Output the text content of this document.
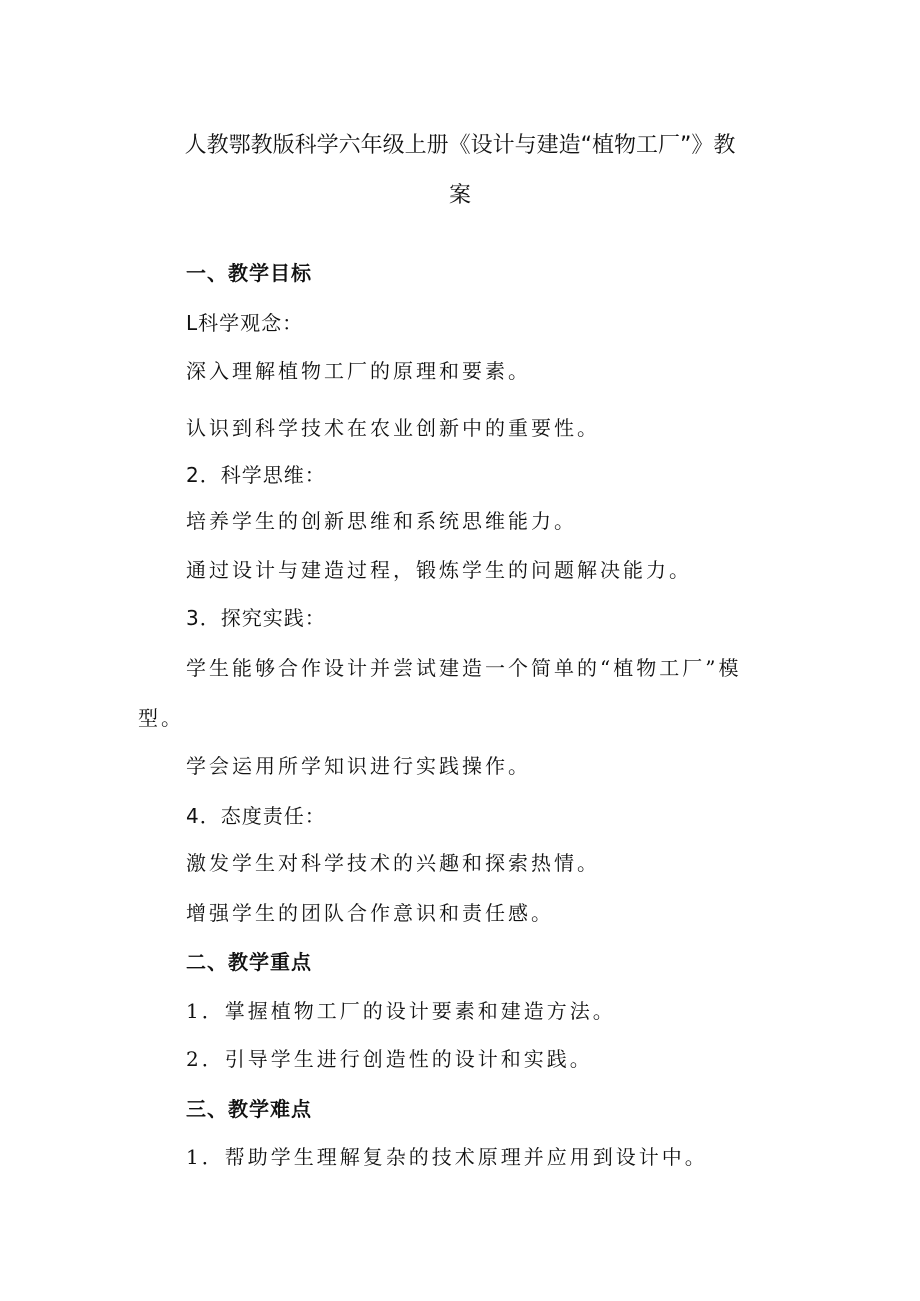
人教鄂教版科学六年级上册《设计与建造“植物工厂”》教
案
一、教学目标
L科学观念：
深入理解植物工厂的原理和要素。
认识到科学技术在农业创新中的重要性。
2．科学思维：
培养学生的创新思维和系统思维能力。
通过设计与建造过程，锻炼学生的问题解决能力。
3．探究实践：
学生能够合作设计并尝试建造一个简单的“植物工厂”模
型。
学会运用所学知识进行实践操作。
4．态度责任：
激发学生对科学技术的兴趣和探索热情。
增强学生的团队合作意识和责任感。
二、教学重点
1．掌握植物工厂的设计要素和建造方法。
2．引导学生进行创造性的设计和实践。
三、教学难点
1．帮助学生理解复杂的技术原理并应用到设计中。
